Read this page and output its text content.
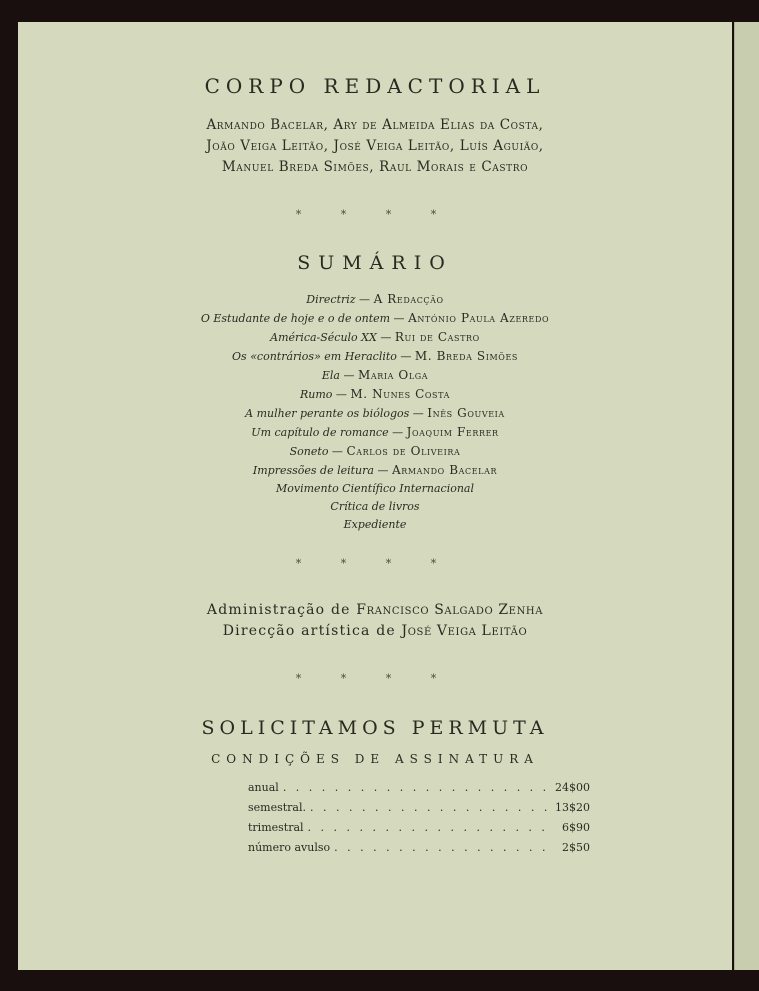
CORPO REDACTORIAL
Armando Bacelar, Ary de Almeida Elias da Costa,
João Veiga Leitão, José Veiga Leitão, Luís Aguião,
Manuel Breda Simões, Raul Morais e Castro
* * * *
SUMÁRIO
Directriz — A Redacção
O Estudante de hoje e o de ontem — António Paula Azeredo
América-Século XX — Rui de Castro
Os «contrários» em Heraclito — M. Breda Simões
Ela — Maria Olga
Rumo — M. Nunes Costa
A mulher perante os biólogos — Inês Gouveia
Um capítulo de romance — Joaquim Ferrer
Soneto — Carlos de Oliveira
Impressões de leitura — Armando Bacelar
Movimento Científico Internacional
Crítica de livros
Expediente
* * * *
Administração de Francisco Salgado Zenha
Direcção artística de José Veiga Leitão
* * * *
SOLICITAMOS PERMUTA
CONDIÇÕES DE ASSINATURA
anual . . .	24$00
semestral. . . .	13$20
trimestral . . .	6$90
número avulso . . .	2$50
